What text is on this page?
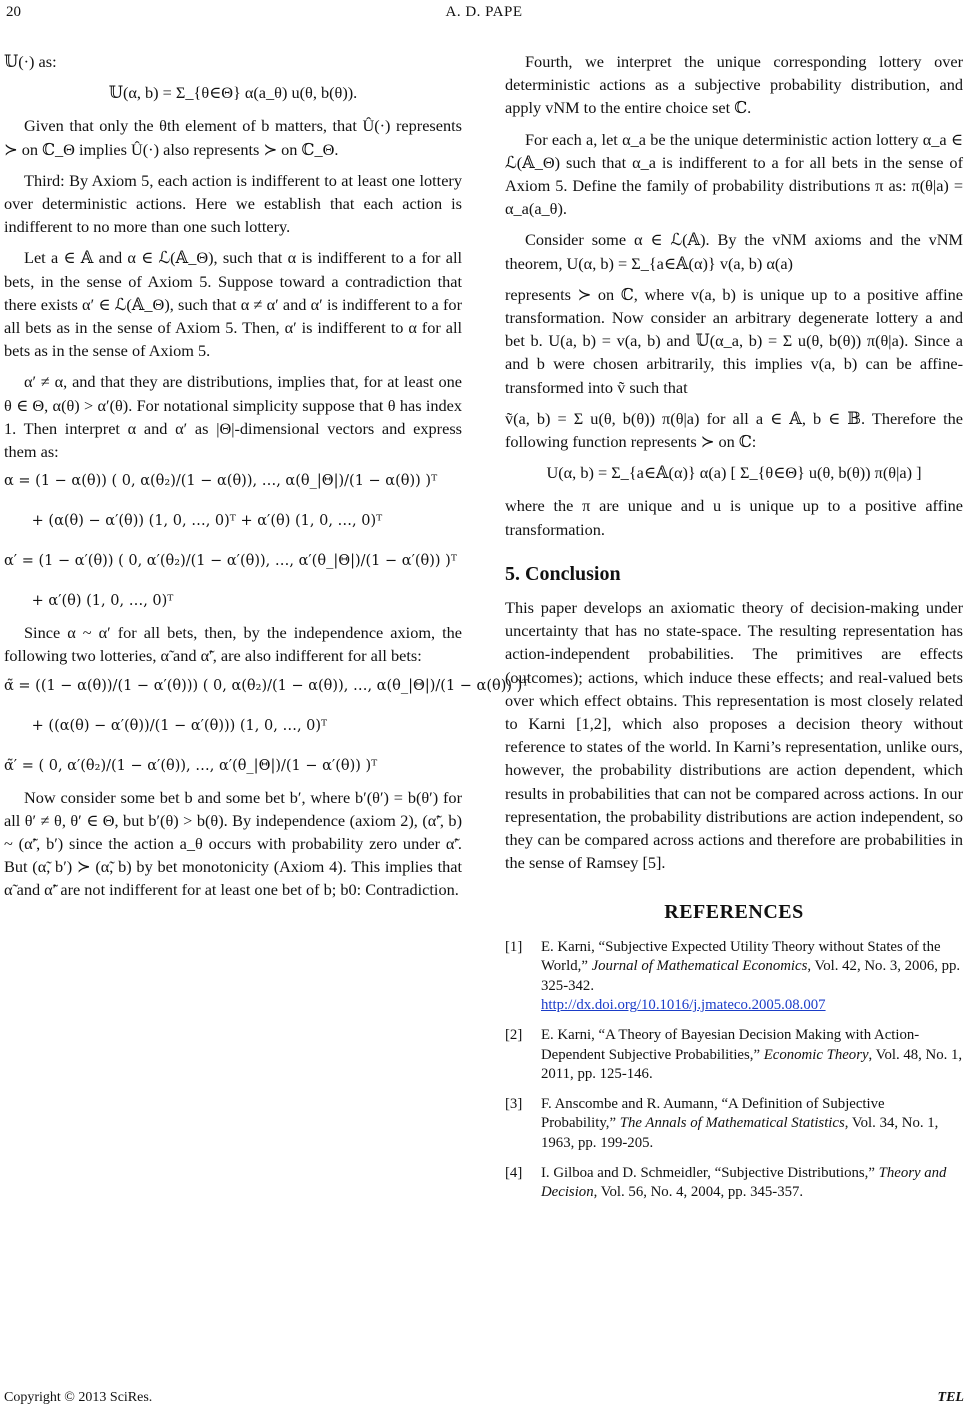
20	A. D. PAPE

𝕌(·) as:

𝕌(α, b) = Σ_{θ∈Θ} α(a_θ) u(θ, b(θ)).

Given that only the θth element of b matters, that Û(·) represents ≻ on ℂ_Θ implies Û(·) also represents ≻ on ℂ_Θ.

Third: By Axiom 5, each action is indifferent to at least one lottery over deterministic actions. Here we establish that each action is indifferent to no more than one such lottery.

Let a ∈ 𝔸 and α ∈ ℒ(𝔸_Θ), such that α is indifferent to a for all bets, in the sense of Axiom 5. Suppose toward a contradiction that there exists α′ ∈ ℒ(𝔸_Θ), such that α ≠ α′ and α′ is indifferent to a for all bets as in the sense of Axiom 5. Then, α′ is indifferent to α for all bets as in the sense of Axiom 5.

α′ ≠ α, and that they are distributions, implies that, for at least one θ ∈ Θ, α(θ) > α′(θ). For notational simplicity suppose that θ has index 1. Then interpret α and α′ as |Θ|-dimensional vectors and express them as:

α = (1 − α(θ)) ( 0, α(θ₂)/(1 − α(θ)), …, α(θ_|Θ|)/(1 − α(θ)) )ᵀ

+ (α(θ) − α′(θ)) (1, 0, …, 0)ᵀ + α′(θ) (1, 0, …, 0)ᵀ

α′ = (1 − α′(θ)) ( 0, α′(θ₂)/(1 − α′(θ)), …, α′(θ_|Θ|)/(1 − α′(θ)) )ᵀ

+ α′(θ) (1, 0, …, 0)ᵀ

Since α ~ α′ for all bets, then, by the independence axiom, the following two lotteries, α̃ and α̃′, are also indifferent for all bets:

α̃ = ((1 − α(θ))/(1 − α′(θ))) ( 0, α(θ₂)/(1 − α(θ)), …, α(θ_|Θ|)/(1 − α(θ)) )ᵀ

+ ((α(θ) − α′(θ))/(1 − α′(θ))) (1, 0, …, 0)ᵀ

α̃′ = ( 0, α′(θ₂)/(1 − α′(θ)), …, α′(θ_|Θ|)/(1 − α′(θ)) )ᵀ

Now consider some bet b and some bet b′, where b′(θ′) = b(θ′) for all θ′ ≠ θ, θ′ ∈ Θ, but b′(θ) > b(θ). By independence (axiom 2), (α̃′, b) ~ (α̃′, b′) since the action a_θ occurs with probability zero under α̃′. But (α̃, b′) ≻ (α̃, b) by bet monotonicity (Axiom 4). This implies that α̃ and α̃′ are not indifferent for at least one bet of b; b0: Contradiction.

Fourth, we interpret the unique corresponding lottery over deterministic actions as a subjective probability distribution, and apply vNM to the entire choice set ℂ.

For each a, let α_a be the unique deterministic action lottery α_a ∈ ℒ(𝔸_Θ) such that α_a is indifferent to a for all bets in the sense of Axiom 5. Define the family of probability distributions π as: π(θ|a) = α_a(a_θ).

Consider some α ∈ ℒ(𝔸). By the vNM axioms and the vNM theorem, U(α, b) = Σ_{a∈𝔸(α)} v(a, b) α(a)

represents ≻ on ℂ, where v(a, b) is unique up to a positive affine transformation. Now consider an arbitrary degenerate lottery a and bet b. U(a, b) = v(a, b) and 𝕌(α_a, b) = Σ u(θ, b(θ)) π(θ|a). Since a and b were chosen arbitrarily, this implies v(a, b) can be affine-transformed into ṽ such that

ṽ(a, b) = Σ u(θ, b(θ)) π(θ|a) for all a ∈ 𝔸, b ∈ 𝔹. Therefore the following function represents ≻ on ℂ:

U(α, b) = Σ_{a∈𝔸(α)} α(a) [ Σ_{θ∈Θ} u(θ, b(θ)) π(θ|a) ]

where the π are unique and u is unique up to a positive affine transformation.

5. Conclusion

This paper develops an axiomatic theory of decision-making under uncertainty that has no state-space. The resulting representation has action-independent probabilities. The primitives are effects (outcomes); actions, which induce these effects; and real-valued bets over which effect obtains. This representation is most closely related to Karni [1,2], which also proposes a decision theory without reference to states of the world. In Karni’s representation, unlike ours, however, the probability distributions are action dependent, which results in probabilities that can not be compared across actions. In our representation, the probability distributions are action independent, so they can be compared across actions and therefore are probabilities in the sense of Ramsey [5].

REFERENCES
[1] E. Karni, “Subjective Expected Utility Theory without States of the World,” Journal of Mathematical Economics, Vol. 42, No. 3, 2006, pp. 325-342.
http://dx.doi.org/10.1016/j.jmateco.2005.08.007
[2] E. Karni, “A Theory of Bayesian Decision Making with Action-Dependent Subjective Probabilities,” Economic Theory, Vol. 48, No. 1, 2011, pp. 125-146.
[3] F. Anscombe and R. Aumann, “A Definition of Subjective Probability,” The Annals of Mathematical Statistics, Vol. 34, No. 1, 1963, pp. 199-205.
[4] I. Gilboa and D. Schmeidler, “Subjective Distributions,” Theory and Decision, Vol. 56, No. 4, 2004, pp. 345-357.
Copyright © 2013 SciRes.	TEL
